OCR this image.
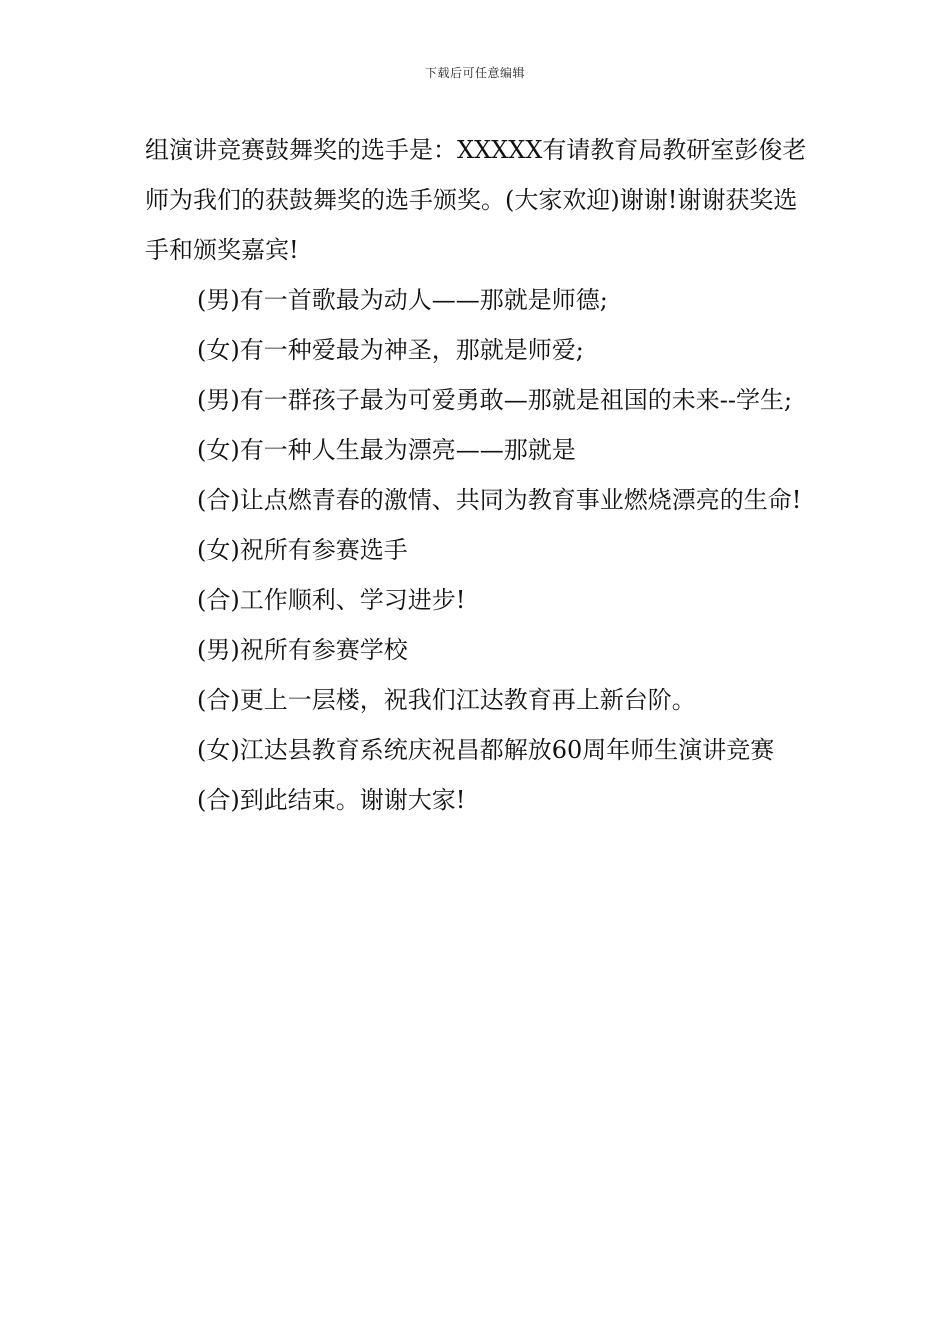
下载后可任意编辑

组演讲竞赛鼓舞奖的选手是：XXXXX有请教育局教研室彭俊老师为我们的获鼓舞奖的选手颁奖。(大家欢迎)谢谢!谢谢获奖选手和颁奖嘉宾!

(男)有一首歌最为动人——那就是师德;

(女)有一种爱最为神圣，那就是师爱;

(男)有一群孩子最为可爱勇敢—那就是祖国的未来--学生;

(女)有一种人生最为漂亮——那就是

(合)让点燃青春的激情、共同为教育事业燃烧漂亮的生命!

(女)祝所有参赛选手

(合)工作顺利、学习进步!

(男)祝所有参赛学校

(合)更上一层楼，祝我们江达教育再上新台阶。

(女)江达县教育系统庆祝昌都解放60周年师生演讲竞赛

(合)到此结束。谢谢大家!
